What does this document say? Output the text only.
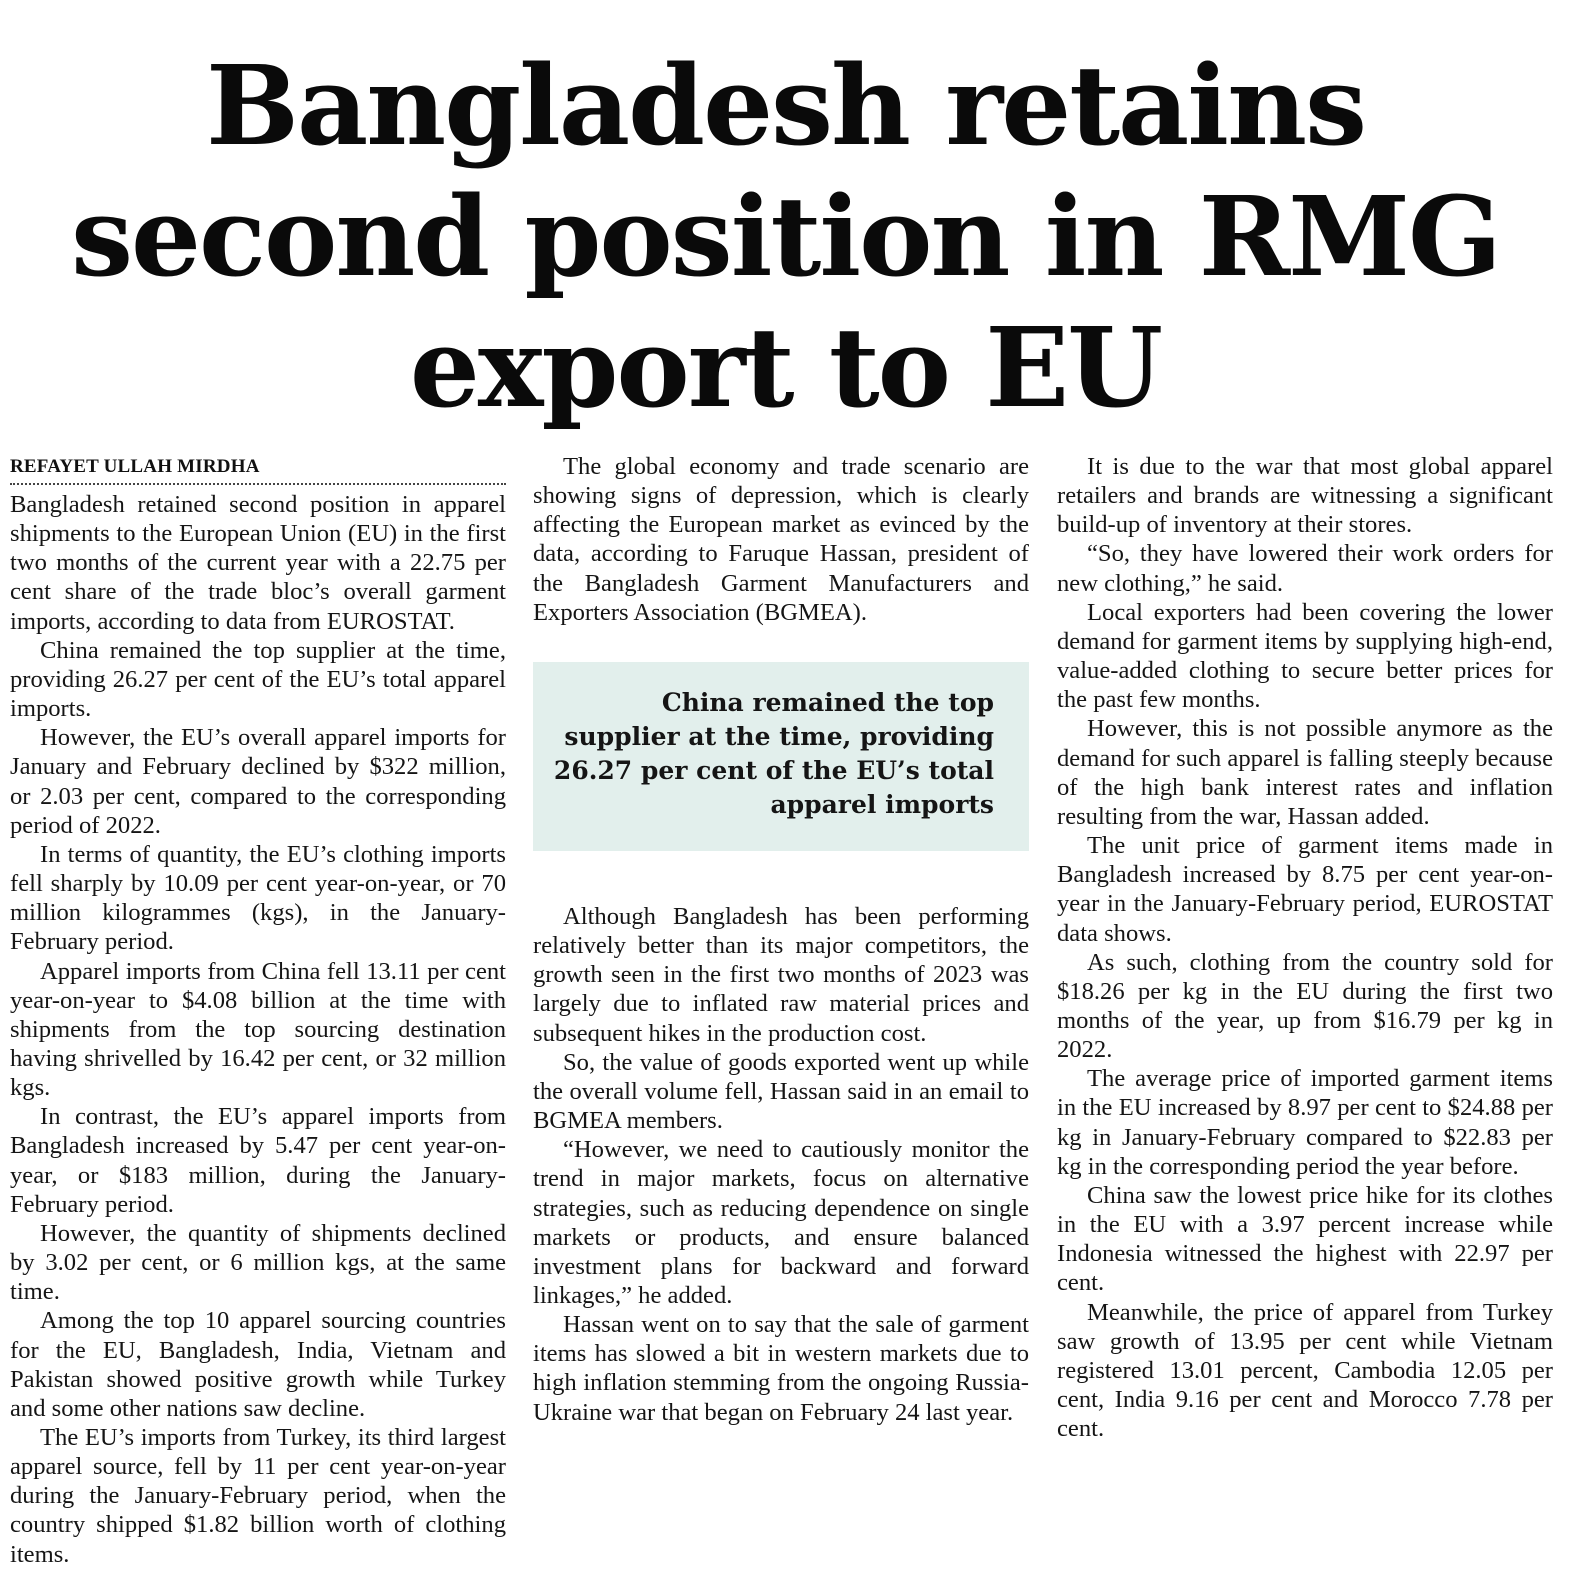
Bangladesh retains
second position in RMG
export to EU
REFAYET ULLAH MIRDHA

Bangladesh retained second position in apparel shipments to the European Union (EU) in the first two months of the current year with a 22.75 per cent share of the trade bloc’s overall garment imports, according to data from EUROSTAT.

China remained the top supplier at the time, providing 26.27 per cent of the EU’s total apparel imports.

However, the EU’s overall apparel imports for January and February declined by $322 million, or 2.03 per cent, compared to the corresponding period of 2022.

In terms of quantity, the EU’s clothing imports fell sharply by 10.09 per cent year-on-year, or 70 million kilogrammes (kgs), in the January-February period.

Apparel imports from China fell 13.11 per cent year-on-year to $4.08 billion at the time with shipments from the top sourcing destination having shrivelled by 16.42 per cent, or 32 million kgs.

In contrast, the EU’s apparel imports from Bangladesh increased by 5.47 per cent year-on-year, or $183 million, during the January-February period.

However, the quantity of shipments declined by 3.02 per cent, or 6 million kgs, at the same time.

Among the top 10 apparel sourcing countries for the EU, Bangladesh, India, Vietnam and Pakistan showed positive growth while Turkey and some other nations saw decline.

The EU’s imports from Turkey, its third largest apparel source, fell by 11 per cent year-on-year during the January-February period, when the country shipped $1.82 billion worth of clothing items.

The global economy and trade scenario are showing signs of depression, which is clearly affecting the European market as evinced by the data, according to Faruque Hassan, president of the Bangladesh Garment Manufacturers and Exporters Association (BGMEA).

China remained the top supplier at the time, providing 26.27 per cent of the EU’s total apparel imports

Although Bangladesh has been performing relatively better than its major competitors, the growth seen in the first two months of 2023 was largely due to inflated raw material prices and subsequent hikes in the production cost.

So, the value of goods exported went up while the overall volume fell, Hassan said in an email to BGMEA members.

“However, we need to cautiously monitor the trend in major markets, focus on alternative strategies, such as reducing dependence on single markets or products, and ensure balanced investment plans for backward and forward linkages,” he added.

Hassan went on to say that the sale of garment items has slowed a bit in western markets due to high inflation stemming from the ongoing Russia-Ukraine war that began on February 24 last year.

It is due to the war that most global apparel retailers and brands are witnessing a significant build-up of inventory at their stores.

“So, they have lowered their work orders for new clothing,” he said.

Local exporters had been covering the lower demand for garment items by supplying high-end, value-added clothing to secure better prices for the past few months.

However, this is not possible anymore as the demand for such apparel is falling steeply because of the high bank interest rates and inflation resulting from the war, Hassan added.

The unit price of garment items made in Bangladesh increased by 8.75 per cent year-on-year in the January-February period, EUROSTAT data shows.

As such, clothing from the country sold for $18.26 per kg in the EU during the first two months of the year, up from $16.79 per kg in 2022.

The average price of imported garment items in the EU increased by 8.97 per cent to $24.88 per kg in January-February compared to $22.83 per kg in the corresponding period the year before.

China saw the lowest price hike for its clothes in the EU with a 3.97 percent increase while Indonesia witnessed the highest with 22.97 per cent.

Meanwhile, the price of apparel from Turkey saw growth of 13.95 per cent while Vietnam registered 13.01 percent, Cambodia 12.05 per cent, India 9.16 per cent and Morocco 7.78 per cent.
